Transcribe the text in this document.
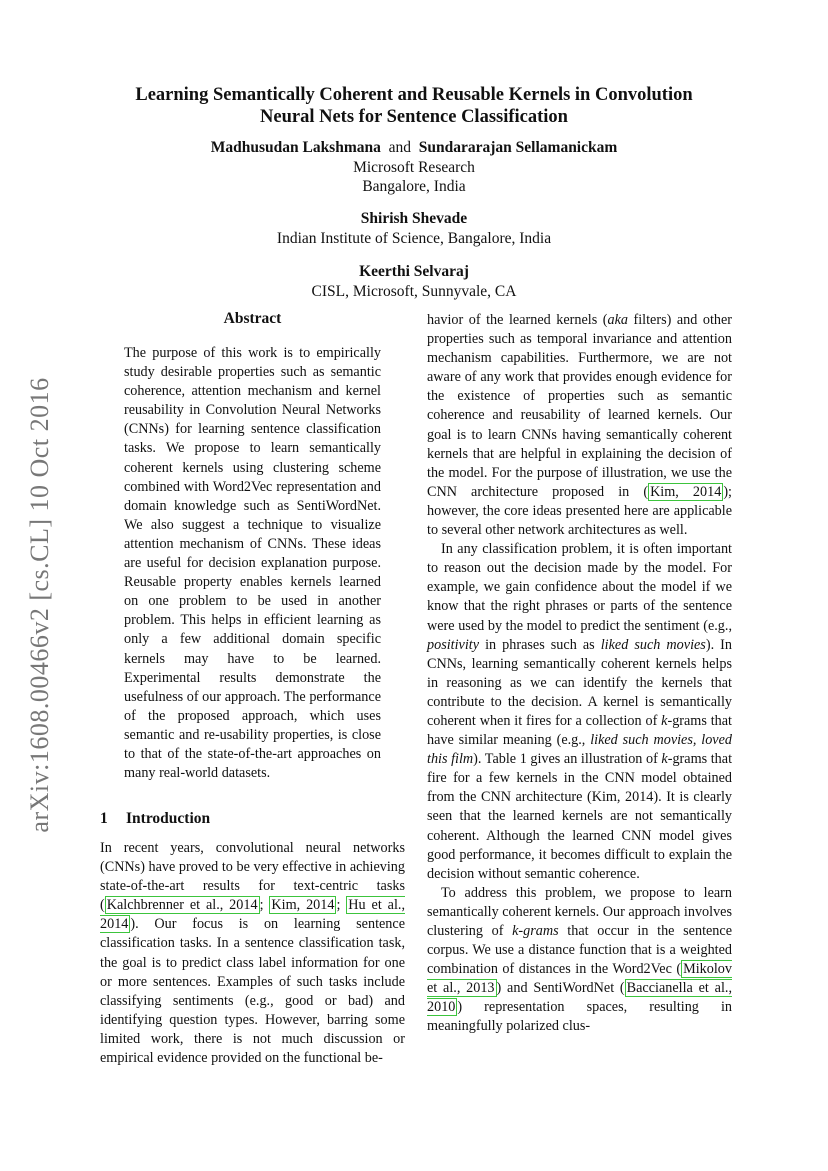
arXiv:1608.00466v2 [cs.CL] 10 Oct 2016
Learning Semantically Coherent and Reusable Kernels in Convolution
Neural Nets for Sentence Classification
Madhusudan Lakshmana and Sundararajan Sellamanickam
Microsoft Research
Bangalore, India
Shirish Shevade
Indian Institute of Science, Bangalore, India
Keerthi Selvaraj
CISL, Microsoft, Sunnyvale, CA
Abstract

The purpose of this work is to empirically study desirable properties such as semantic coherence, attention mechanism and kernel reusability in Convolution Neural Networks (CNNs) for learning sentence classification tasks. We propose to learn semantically coherent kernels using clustering scheme combined with Word2Vec representation and domain knowledge such as SentiWordNet. We also suggest a technique to visualize attention mechanism of CNNs. These ideas are useful for decision explanation purpose. Reusable property enables kernels learned on one problem to be used in another problem. This helps in efficient learning as only a few additional domain specific kernels may have to be learned. Experimental results demonstrate the usefulness of our approach. The performance of the proposed approach, which uses semantic and re-usability properties, is close to that of the state-of-the-art approaches on many real-world datasets.

1 Introduction

In recent years, convolutional neural networks (CNNs) have proved to be very effective in achieving state-of-the-art results for text-centric tasks ( Kalchbrenner et al., 2014 ; Kim, 2014 ; Hu et al., 2014 ). Our focus is on learning sentence classification tasks. In a sentence classification task, the goal is to predict class label information for one or more sentences. Examples of such tasks include classifying sentiments (e.g., good or bad) and identifying question types. However, barring some limited work, there is not much discussion or empirical evidence provided on the functional be-

havior of the learned kernels (aka filters) and other properties such as temporal invariance and attention mechanism capabilities. Furthermore, we are not aware of any work that provides enough evidence for the existence of properties such as semantic coherence and reusability of learned kernels. Our goal is to learn CNNs having semantically coherent kernels that are helpful in explaining the decision of the model. For the purpose of illustration, we use the CNN architecture proposed in ( Kim, 2014 ); however, the core ideas presented here are applicable to several other network architectures as well.

In any classification problem, it is often important to reason out the decision made by the model. For example, we gain confidence about the model if we know that the right phrases or parts of the sentence were used by the model to predict the sentiment (e.g., positivity in phrases such as liked such movies). In CNNs, learning semantically coherent kernels helps in reasoning as we can identify the kernels that contribute to the decision. A kernel is semantically coherent when it fires for a collection of k-grams that have similar meaning (e.g., liked such movies, loved this film). Table 1 gives an illustration of k-grams that fire for a few kernels in the CNN model obtained from the CNN architecture (Kim, 2014). It is clearly seen that the learned kernels are not semantically coherent. Although the learned CNN model gives good performance, it becomes difficult to explain the decision without semantic coherence.

To address this problem, we propose to learn semantically coherent kernels. Our approach involves clustering of k-grams that occur in the sentence corpus. We use a distance function that is a weighted combination of distances in the Word2Vec ( Mikolov et al., 2013 ) and SentiWordNet ( Baccianella et al., 2010 ) representation spaces, resulting in meaningfully polarized clus-
